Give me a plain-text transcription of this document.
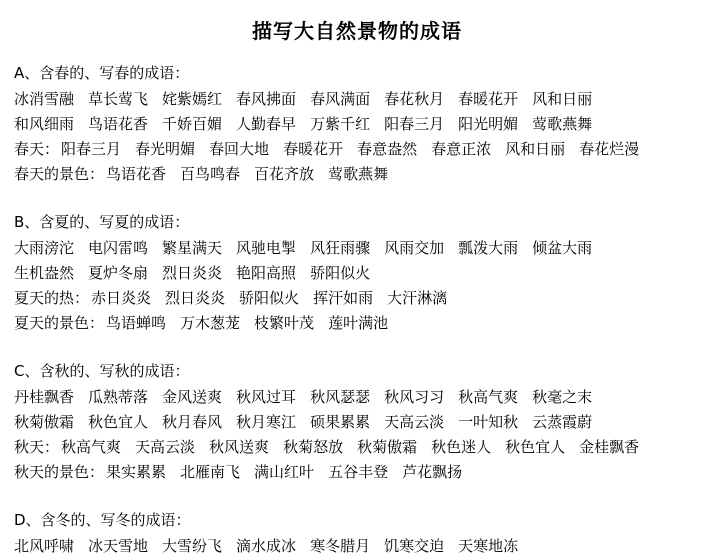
描写大自然景物的成语
A、含春的、写春的成语：
冰消雪融 草长莺飞 姹紫嫣红 春风拂面 春风满面 春花秋月 春暖花开 风和日丽
和风细雨 鸟语花香 千娇百媚 人勤春早 万紫千红 阳春三月 阳光明媚 莺歌燕舞
春天： 阳春三月 春光明媚 春回大地 春暖花开 春意盎然 春意正浓 风和日丽 春花烂漫
春天的景色： 鸟语花香 百鸟鸣春 百花齐放 莺歌燕舞
B、含夏的、写夏的成语：
大雨滂沱 电闪雷鸣 繁星满天 风驰电掣 风狂雨骤 风雨交加 瓢泼大雨 倾盆大雨
生机盎然 夏炉冬扇 烈日炎炎 艳阳高照 骄阳似火
夏天的热： 赤日炎炎 烈日炎炎 骄阳似火 挥汗如雨 大汗淋漓
夏天的景色： 鸟语蝉鸣 万木葱茏 枝繁叶茂 莲叶满池
C、含秋的、写秋的成语：
丹桂飘香 瓜熟蒂落 金风送爽 秋风过耳 秋风瑟瑟 秋风习习 秋高气爽 秋毫之末
秋菊傲霜 秋色宜人 秋月春风 秋月寒江 硕果累累 天高云淡 一叶知秋 云蒸霞蔚
秋天： 秋高气爽 天高云淡 秋风送爽 秋菊怒放 秋菊傲霜 秋色迷人 秋色宜人 金桂飘香
秋天的景色： 果实累累 北雁南飞 满山红叶 五谷丰登 芦花飘扬
D、含冬的、写冬的成语：
北风呼啸 冰天雪地 大雪纷飞 滴水成冰 寒冬腊月 饥寒交迫 天寒地冻
